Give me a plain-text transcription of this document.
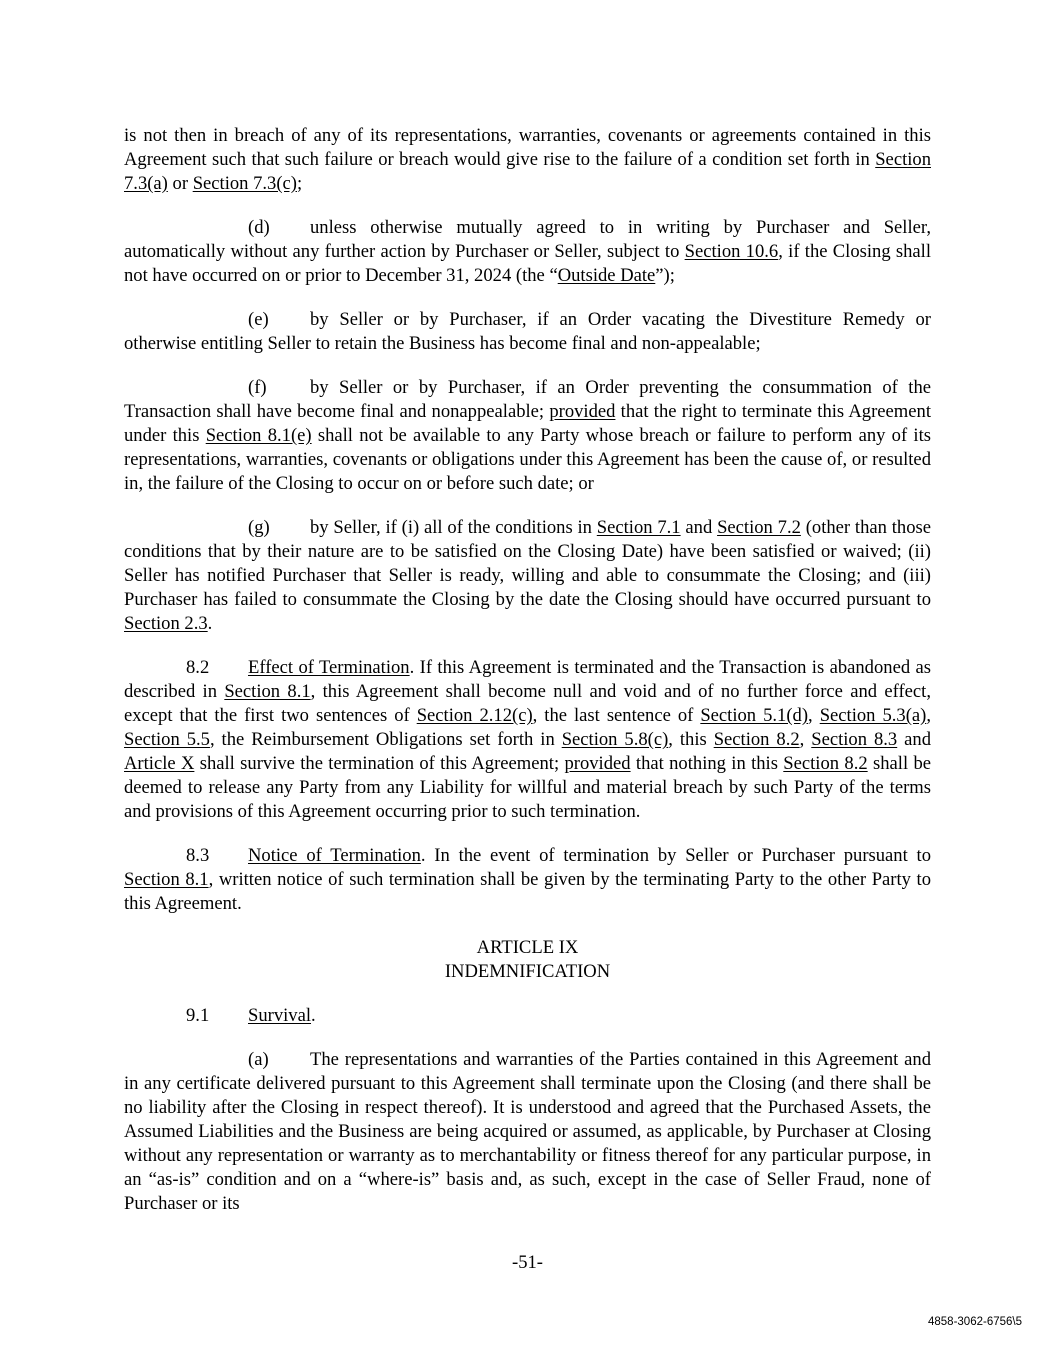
is not then in breach of any of its representations, warranties, covenants or agreements contained in this Agreement such that such failure or breach would give rise to the failure of a condition set forth in Section 7.3(a) or Section 7.3(c);

(d) unless otherwise mutually agreed to in writing by Purchaser and Seller, automatically without any further action by Purchaser or Seller, subject to Section 10.6, if the Closing shall not have occurred on or prior to December 31, 2024 (the “Outside Date”);

(e) by Seller or by Purchaser, if an Order vacating the Divestiture Remedy or otherwise entitling Seller to retain the Business has become final and non-appealable;

(f) by Seller or by Purchaser, if an Order preventing the consummation of the Transaction shall have become final and nonappealable; provided that the right to terminate this Agreement under this Section 8.1(e) shall not be available to any Party whose breach or failure to perform any of its representations, warranties, covenants or obligations under this Agreement has been the cause of, or resulted in, the failure of the Closing to occur on or before such date; or

(g) by Seller, if (i) all of the conditions in Section 7.1 and Section 7.2 (other than those conditions that by their nature are to be satisfied on the Closing Date) have been satisfied or waived; (ii) Seller has notified Purchaser that Seller is ready, willing and able to consummate the Closing; and (iii) Purchaser has failed to consummate the Closing by the date the Closing should have occurred pursuant to Section 2.3.

8.2 Effect of Termination. If this Agreement is terminated and the Transaction is abandoned as described in Section 8.1, this Agreement shall become null and void and of no further force and effect, except that the first two sentences of Section 2.12(c), the last sentence of Section 5.1(d), Section 5.3(a), Section 5.5, the Reimbursement Obligations set forth in Section 5.8(c), this Section 8.2, Section 8.3 and Article X shall survive the termination of this Agreement; provided that nothing in this Section 8.2 shall be deemed to release any Party from any Liability for willful and material breach by such Party of the terms and provisions of this Agreement occurring prior to such termination.

8.3 Notice of Termination. In the event of termination by Seller or Purchaser pursuant to Section 8.1, written notice of such termination shall be given by the terminating Party to the other Party to this Agreement.

ARTICLE IX
INDEMNIFICATION

9.1 Survival.

(a) The representations and warranties of the Parties contained in this Agreement and in any certificate delivered pursuant to this Agreement shall terminate upon the Closing (and there shall be no liability after the Closing in respect thereof). It is understood and agreed that the Purchased Assets, the Assumed Liabilities and the Business are being acquired or assumed, as applicable, by Purchaser at Closing without any representation or warranty as to merchantability or fitness thereof for any particular purpose, in an “as-is” condition and on a “where-is” basis and, as such, except in the case of Seller Fraud, none of Purchaser or its

-51-
4858-3062-6756\5
